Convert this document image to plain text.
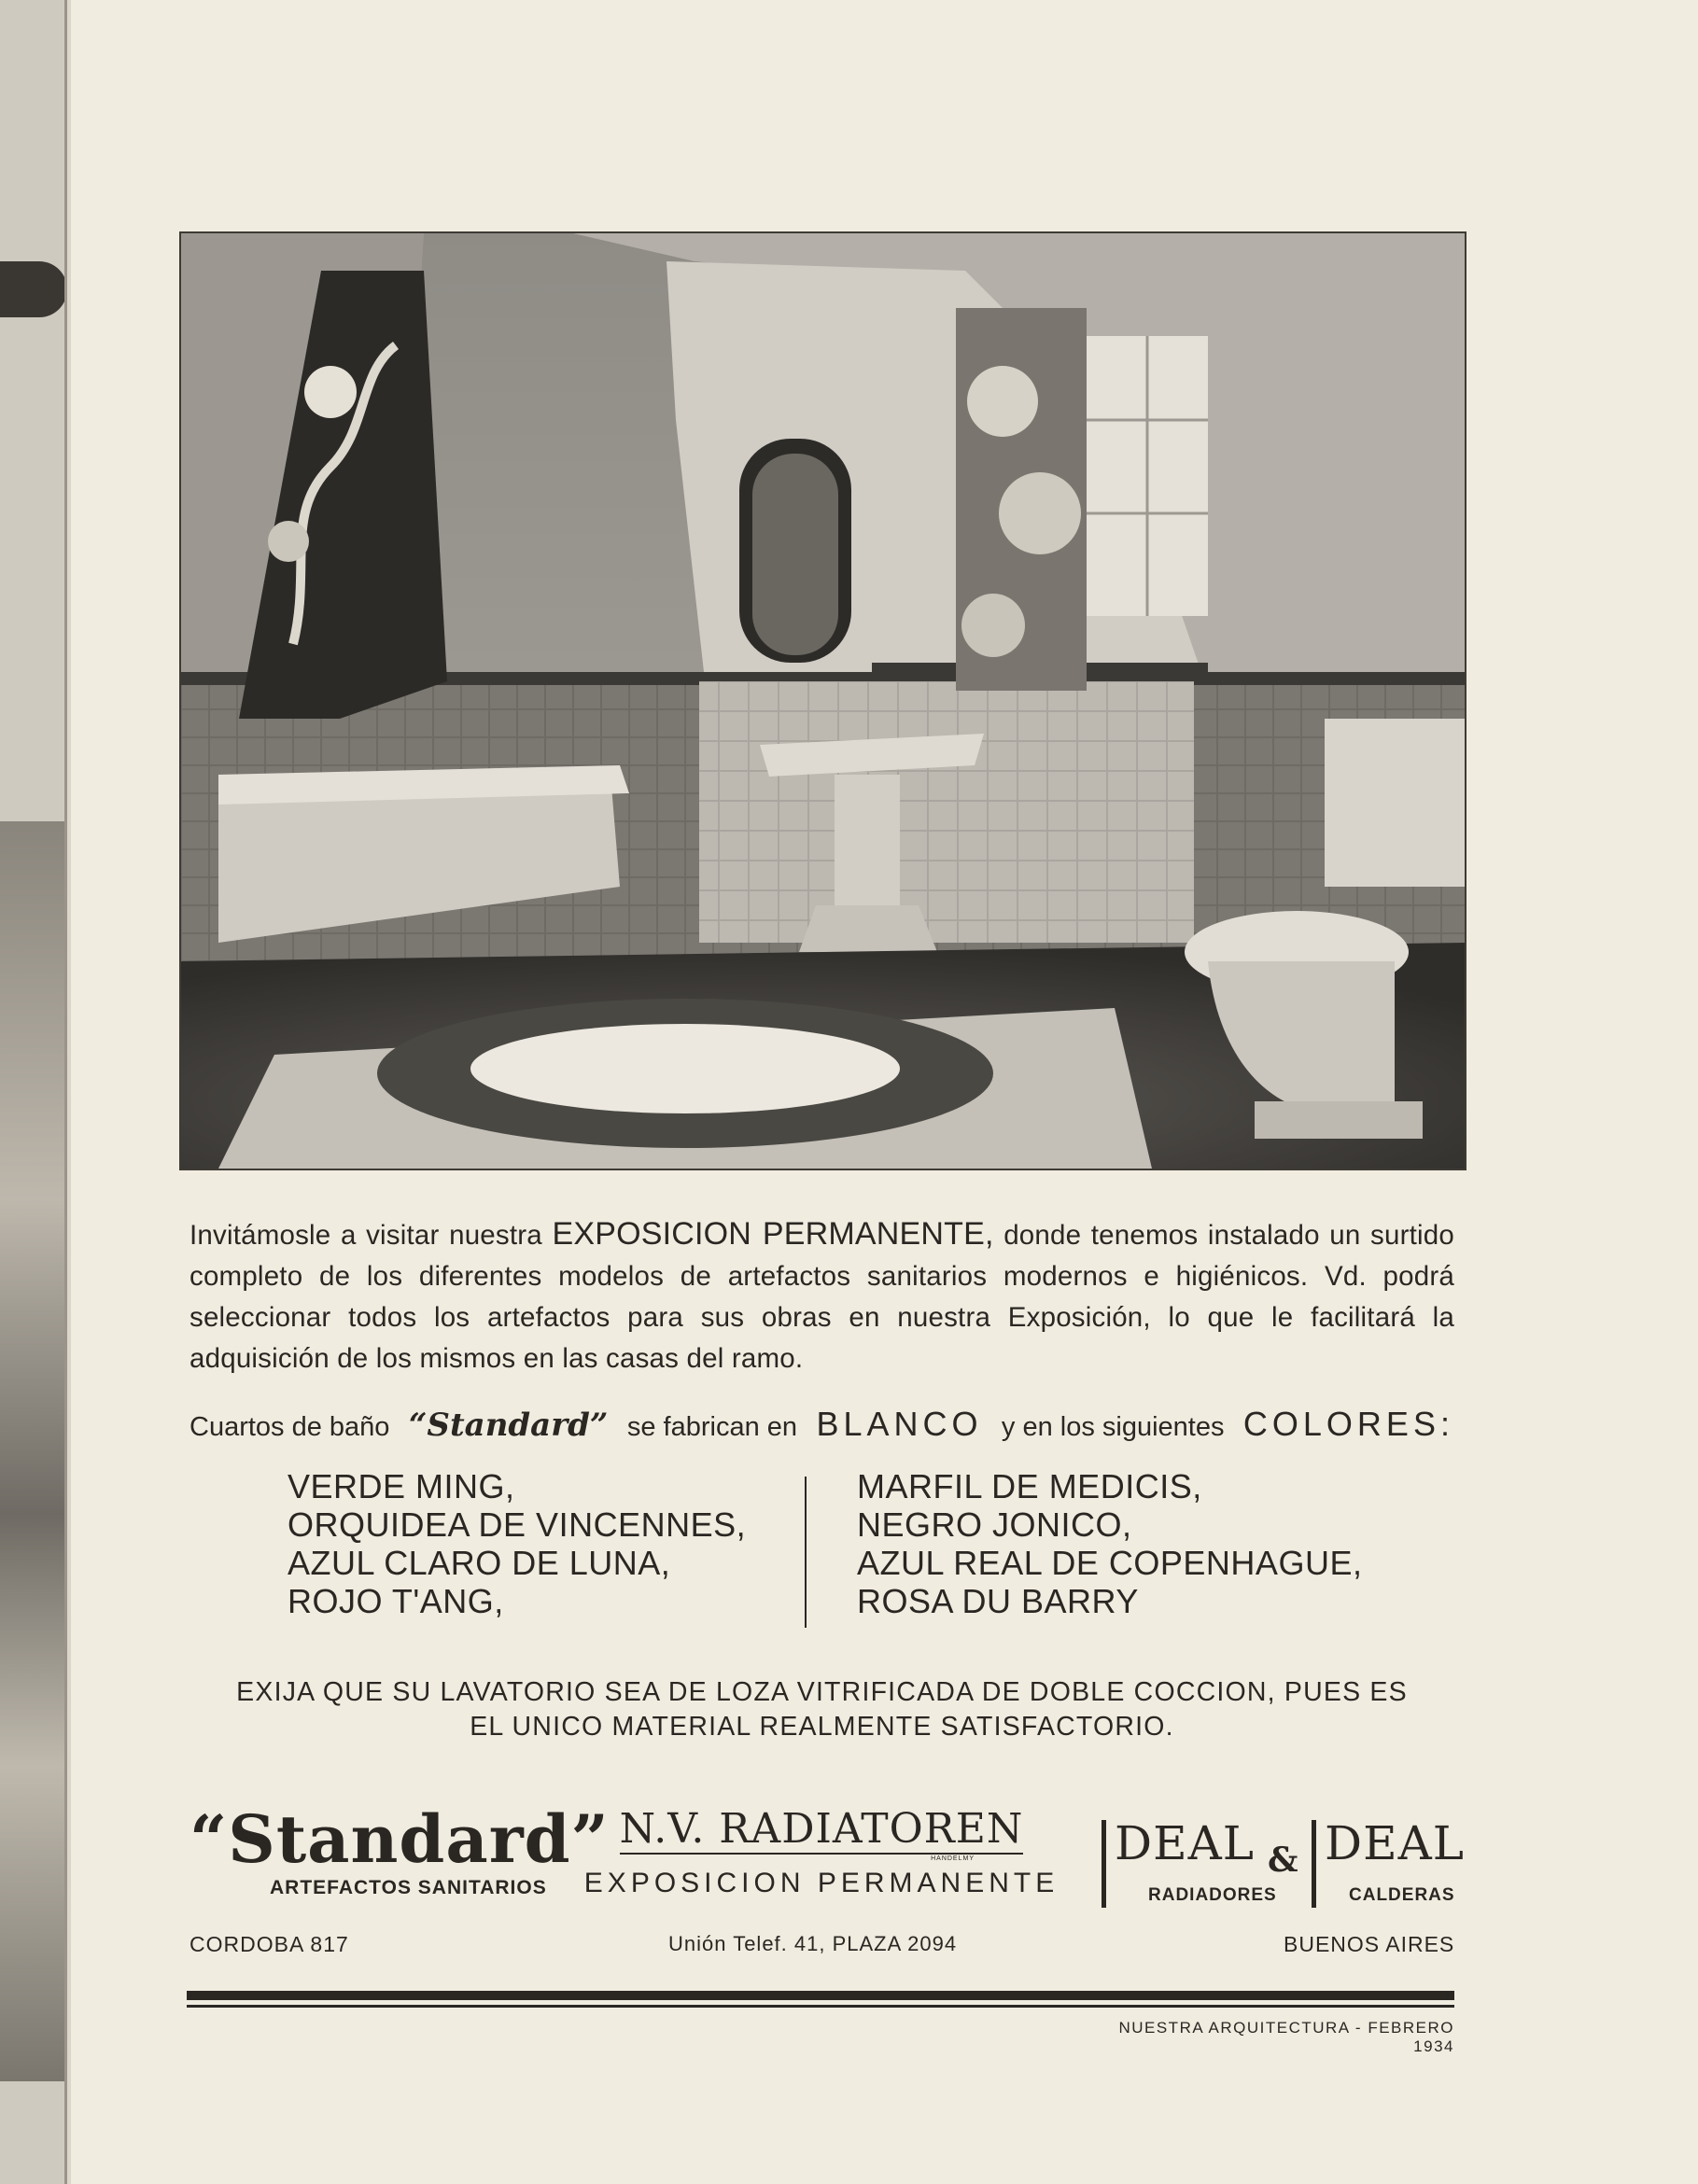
Invitámosle a visitar nuestra EXPOSICION PERMANENTE, donde tenemos instalado un surtido completo de los diferentes modelos de artefactos sanitarios modernos e higiénicos. Vd. podrá seleccionar todos los artefactos para sus obras en nuestra Exposición, lo que le facilitará la adquisición de los mismos en las casas del ramo.
Cuartos de baño “Standard” se fabrican en BLANCO y en los siguientes COLORES:
VERDE MING,
ORQUIDEA DE VINCENNES,
AZUL CLARO DE LUNA,
ROJO T'ANG,
MARFIL DE MEDICIS,
NEGRO JONICO,
AZUL REAL DE COPENHAGUE,
ROSA DU BARRY
EXIJA QUE SU LAVATORIO SEA DE LOZA VITRIFICADA DE DOBLE COCCION, PUES ES
EL UNICO MATERIAL REALMENTE SATISFACTORIO.
“Standard”
ARTEFACTOS SANITARIOS
N.V. RADIATOREN
HANDELMY
EXPOSICION PERMANENTE
DEAL
RADIADORES
& DEAL
CALDERAS
CORDOBA 817	Unión Telef. 41, PLAZA 2094	BUENOS AIRES
NUESTRA ARQUITECTURA - FEBRERO 1934
